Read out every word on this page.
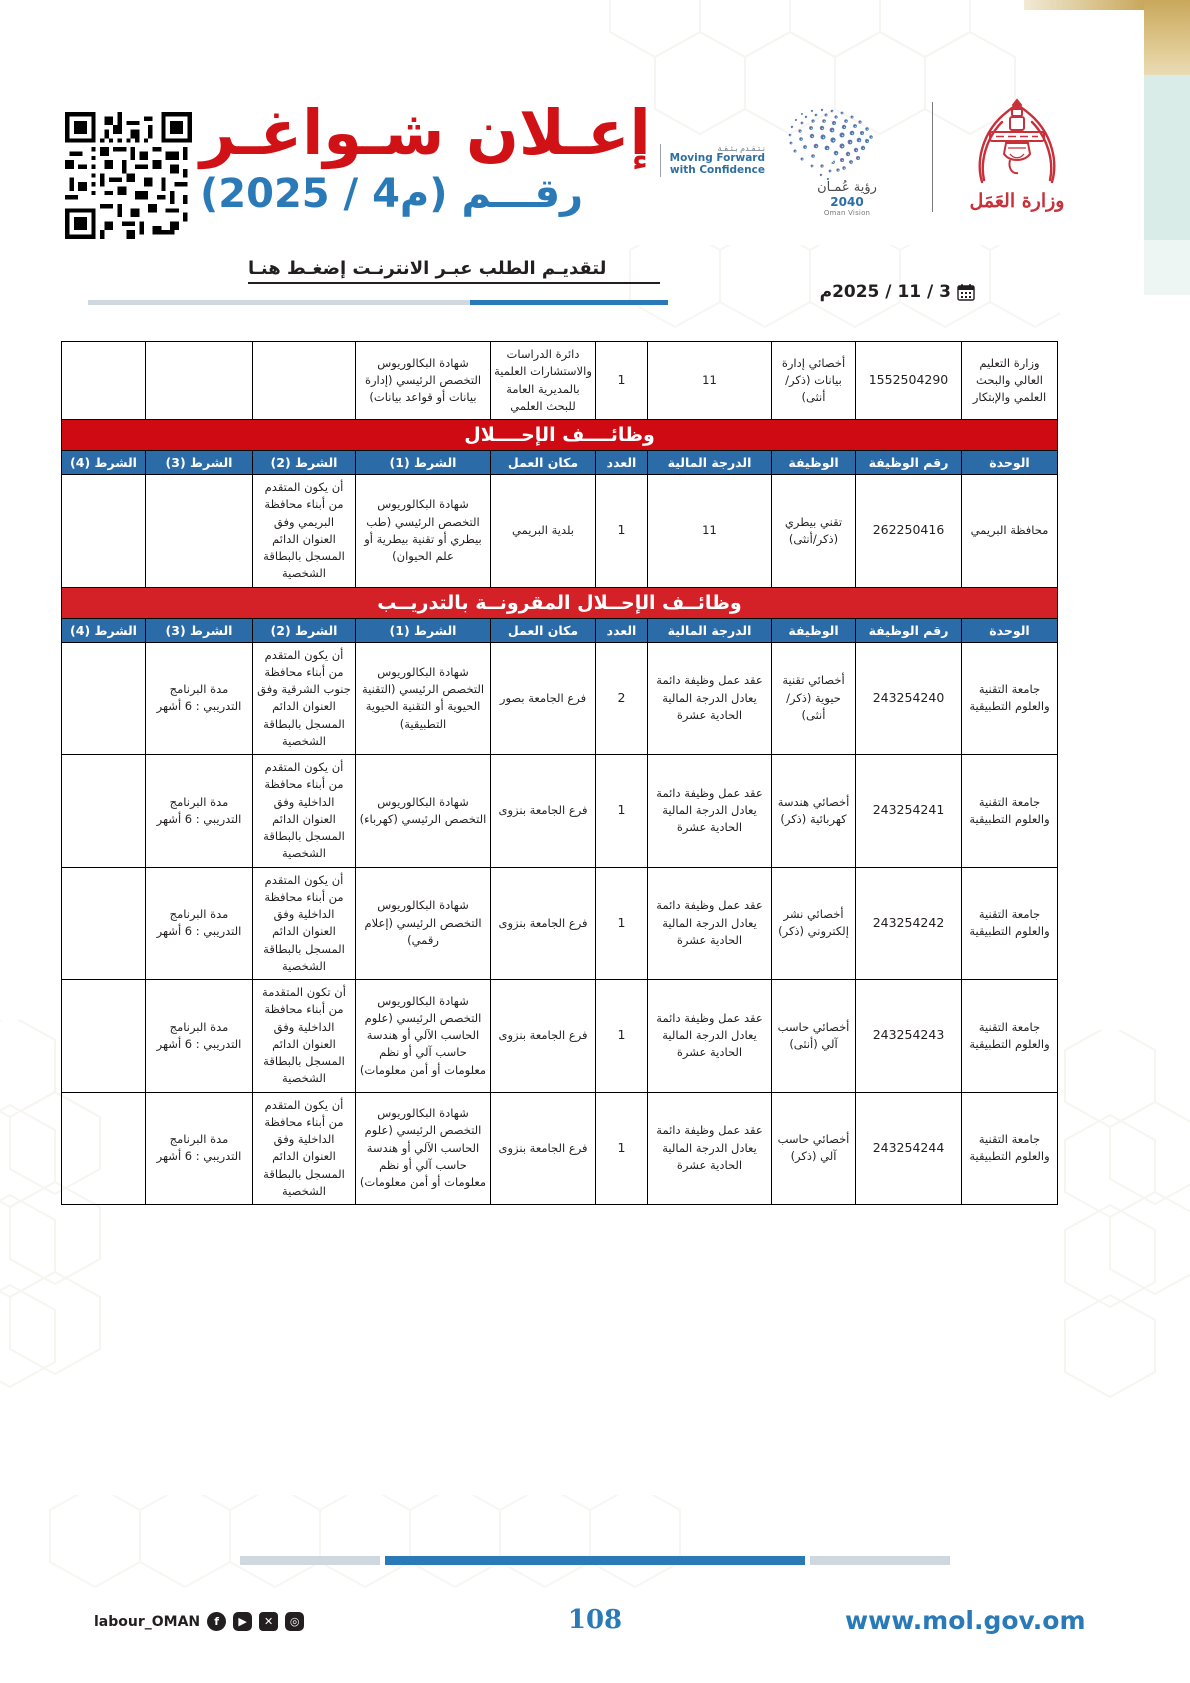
إعـلان شـواغـر
رقـــم (م4 / 2025)
لتقديـم الطلب عبـر الانترنـت إضغـط هنـا
وزارة العَمَل
رؤية عُمـان
2040
Oman Vision
نـتـقـدم بـثـقـة
Moving Forward
with Confidence
3 / 11 / 2025م
وزارة التعليم العالي والبحث العلمي والإبتكار	1552504290	أخصائي إدارة بيانات (ذكر/ أنثى)	11	1	دائرة الدراسات والاستشارات العلمية بالمديرية العامة للبحث العلمي	شهادة البكالوريوس التخصص الرئيسي (إدارة بيانات أو قواعد بيانات)			
وظائــــف الإحــــلال									
الوحدة	رقم الوظيفة	الوظيفة	الدرجة المالية	العدد	مكان العمل	الشرط (1)	الشرط (2)	الشرط (3)	الشرط (4)
محافظة البريمي	262250416	تقني بيطري (ذكر/أنثى)	11	1	بلدية البريمي	شهادة البكالوريوس التخصص الرئيسي (طب بيطري أو تقنية بيطرية أو علم الحيوان)	أن يكون المتقدم من أبناء محافظة البريمي وفق العنوان الدائم المسجل بالبطاقة الشخصية		
وظائــف الإحــلال المقرونــة بالتدريــب									
الوحدة	رقم الوظيفة	الوظيفة	الدرجة المالية	العدد	مكان العمل	الشرط (1)	الشرط (2)	الشرط (3)	الشرط (4)
جامعة التقنية والعلوم التطبيقية	243254240	أخصائي تقنية حيوية (ذكر/ أنثى)	عقد عمل وظيفة دائمة يعادل الدرجة المالية الحادية عشرة	2	فرع الجامعة بصور	شهادة البكالوريوس التخصص الرئيسي (التقنية الحيوية أو التقنية الحيوية التطبيقية)	أن يكون المتقدم من أبناء محافظة جنوب الشرقية وفق العنوان الدائم المسجل بالبطاقة الشخصية	مدة البرنامج التدريبي : 6 أشهر	
جامعة التقنية والعلوم التطبيقية	243254241	أخصائي هندسة كهربائية (ذكر)	عقد عمل وظيفة دائمة يعادل الدرجة المالية الحادية عشرة	1	فرع الجامعة بنزوى	شهادة البكالوريوس التخصص الرئيسي (كهرباء)	أن يكون المتقدم من أبناء محافظة الداخلية وفق العنوان الدائم المسجل بالبطاقة الشخصية	مدة البرنامج التدريبي : 6 أشهر	
جامعة التقنية والعلوم التطبيقية	243254242	أخصائي نشر إلكتروني (ذكر)	عقد عمل وظيفة دائمة يعادل الدرجة المالية الحادية عشرة	1	فرع الجامعة بنزوى	شهادة البكالوريوس التخصص الرئيسي (إعلام رقمي)	أن يكون المتقدم من أبناء محافظة الداخلية وفق العنوان الدائم المسجل بالبطاقة الشخصية	مدة البرنامج التدريبي : 6 أشهر	
جامعة التقنية والعلوم التطبيقية	243254243	أخصائي حاسب آلي (أنثى)	عقد عمل وظيفة دائمة يعادل الدرجة المالية الحادية عشرة	1	فرع الجامعة بنزوى	شهادة البكالوريوس التخصص الرئيسي (علوم الحاسب الآلي أو هندسة حاسب آلي أو نظم معلومات أو أمن معلومات)	أن تكون المتقدمة من أبناء محافظة الداخلية وفق العنوان الدائم المسجل بالبطاقة الشخصية	مدة البرنامج التدريبي : 6 أشهر	
جامعة التقنية والعلوم التطبيقية	243254244	أخصائي حاسب آلي (ذكر)	عقد عمل وظيفة دائمة يعادل الدرجة المالية الحادية عشرة	1	فرع الجامعة بنزوى	شهادة البكالوريوس التخصص الرئيسي (علوم الحاسب الآلي أو هندسة حاسب آلي أو نظم معلومات أو أمن معلومات)	أن يكون المتقدم من أبناء محافظة الداخلية وفق العنوان الدائم المسجل بالبطاقة الشخصية	مدة البرنامج التدريبي : 6 أشهر	
108	www.mol.gov.om
labour_OMAN	f	▶	✕	◎
